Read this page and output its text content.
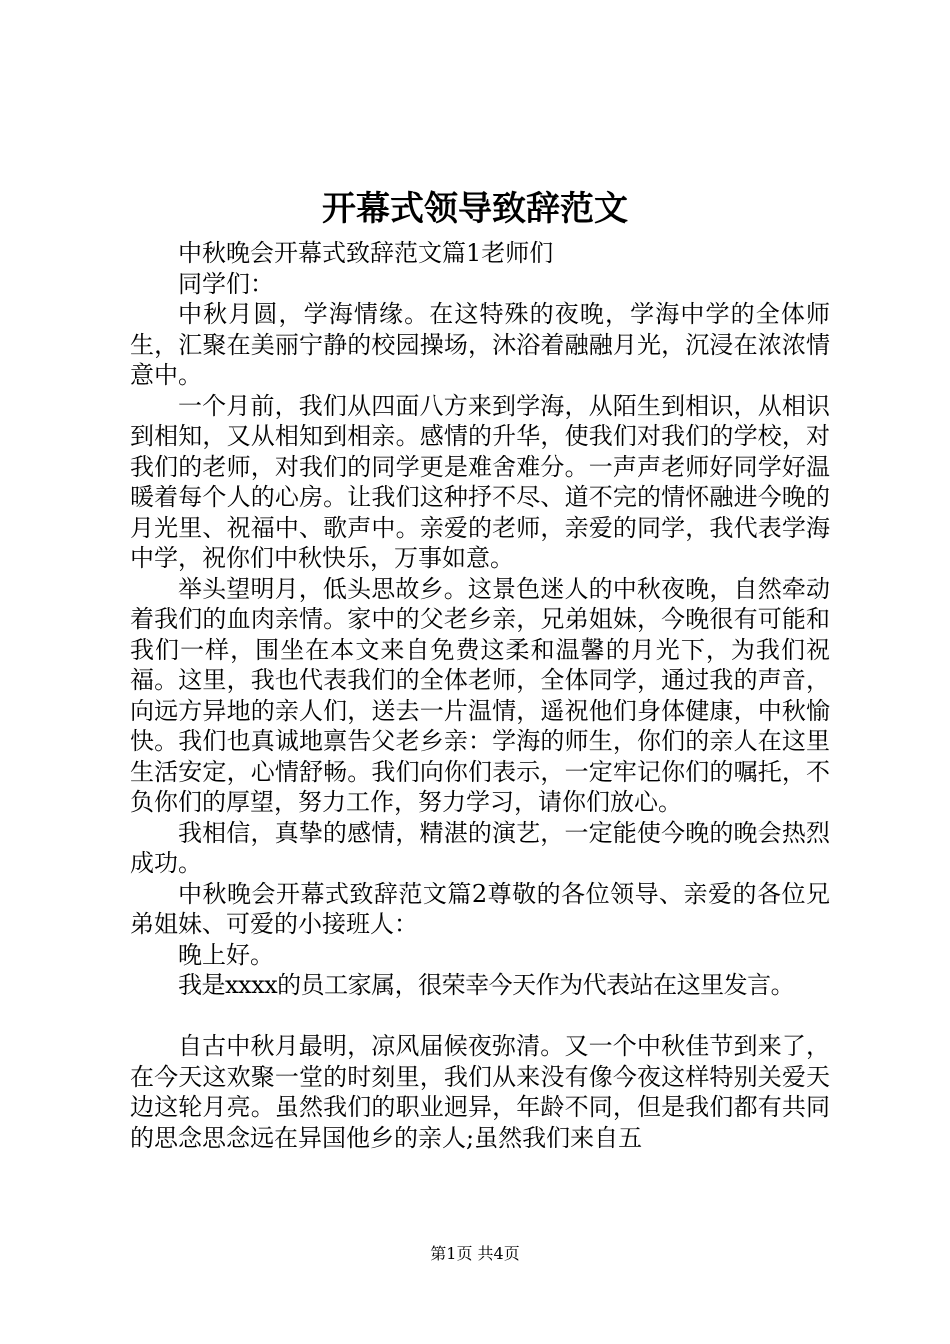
开幕式领导致辞范文

中秋晚会开幕式致辞范文篇1老师们

同学们：

中秋月圆，学海情缘。在这特殊的夜晚，学海中学的全体师生，汇聚在美丽宁静的校园操场，沐浴着融融月光，沉浸在浓浓情意中。

一个月前，我们从四面八方来到学海，从陌生到相识，从相识到相知，又从相知到相亲。感情的升华，使我们对我们的学校，对我们的老师，对我们的同学更是难舍难分。一声声老师好同学好温暖着每个人的心房。让我们这种抒不尽、道不完的情怀融进今晚的月光里、祝福中、歌声中。亲爱的老师，亲爱的同学，我代表学海中学，祝你们中秋快乐，万事如意。

举头望明月，低头思故乡。这景色迷人的中秋夜晚，自然牵动着我们的血肉亲情。家中的父老乡亲，兄弟姐妹，今晚很有可能和我们一样，围坐在本文来自免费这柔和温馨的月光下，为我们祝福。这里，我也代表我们的全体老师，全体同学，通过我的声音，向远方异地的亲人们，送去一片温情，遥祝他们身体健康，中秋愉快。我们也真诚地禀告父老乡亲：学海的师生，你们的亲人在这里生活安定，心情舒畅。我们向你们表示，一定牢记你们的嘱托，不负你们的厚望，努力工作，努力学习，请你们放心。

我相信，真挚的感情，精湛的演艺，一定能使今晚的晚会热烈成功。

中秋晚会开幕式致辞范文篇2尊敬的各位领导、亲爱的各位兄弟姐妹、可爱的小接班人：

晚上好。

我是xxxx的员工家属，很荣幸今天作为代表站在这里发言。

自古中秋月最明，凉风届候夜弥清。又一个中秋佳节到来了，在今天这欢聚一堂的时刻里，我们从来没有像今夜这样特别关爱天边这轮月亮。虽然我们的职业迥异，年龄不同，但是我们都有共同的思念思念远在异国他乡的亲人;虽然我们来自五

第1页 共4页
